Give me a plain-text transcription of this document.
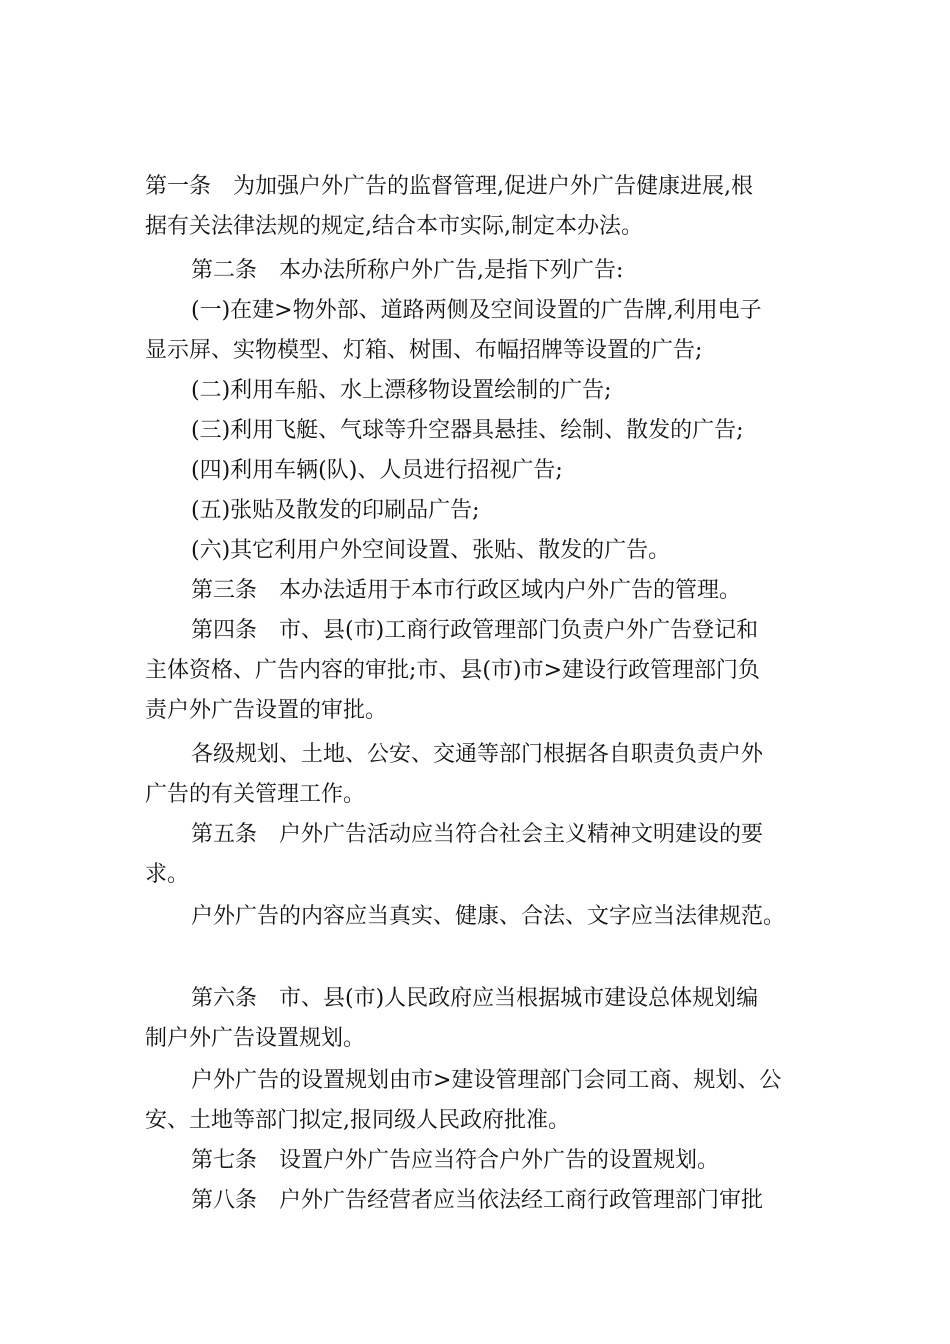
第一条 为加强户外广告的监督管理,促进户外广告健康进展,根
据有关法律法规的规定,结合本市实际,制定本办法。
第二条 本办法所称户外广告,是指下列广告:
(一)在建>物外部、道路两侧及空间设置的广告牌,利用电子
显示屏、实物模型、灯箱、树围、布幅招牌等设置的广告;
(二)利用车船、水上漂移物设置绘制的广告;
(三)利用飞艇、气球等升空器具悬挂、绘制、散发的广告;
(四)利用车辆(队)、人员进行招视广告;
(五)张贴及散发的印刷品广告;
(六)其它利用户外空间设置、张贴、散发的广告。
第三条 本办法适用于本市行政区域内户外广告的管理。
第四条 市、县(市)工商行政管理部门负责户外广告登记和
主体资格、广告内容的审批;市、县(市)市>建设行政管理部门负
责户外广告设置的审批。
各级规划、土地、公安、交通等部门根据各自职责负责户外
广告的有关管理工作。
第五条 户外广告活动应当符合社会主义精神文明建设的要
求。
户外广告的内容应当真实、健康、合法、文字应当法律规范。
第六条 市、县(市)人民政府应当根据城市建设总体规划编
制户外广告设置规划。
户外广告的设置规划由市>建设管理部门会同工商、规划、公
安、土地等部门拟定,报同级人民政府批准。
第七条 设置户外广告应当符合户外广告的设置规划。
第八条 户外广告经营者应当依法经工商行政管理部门审批
